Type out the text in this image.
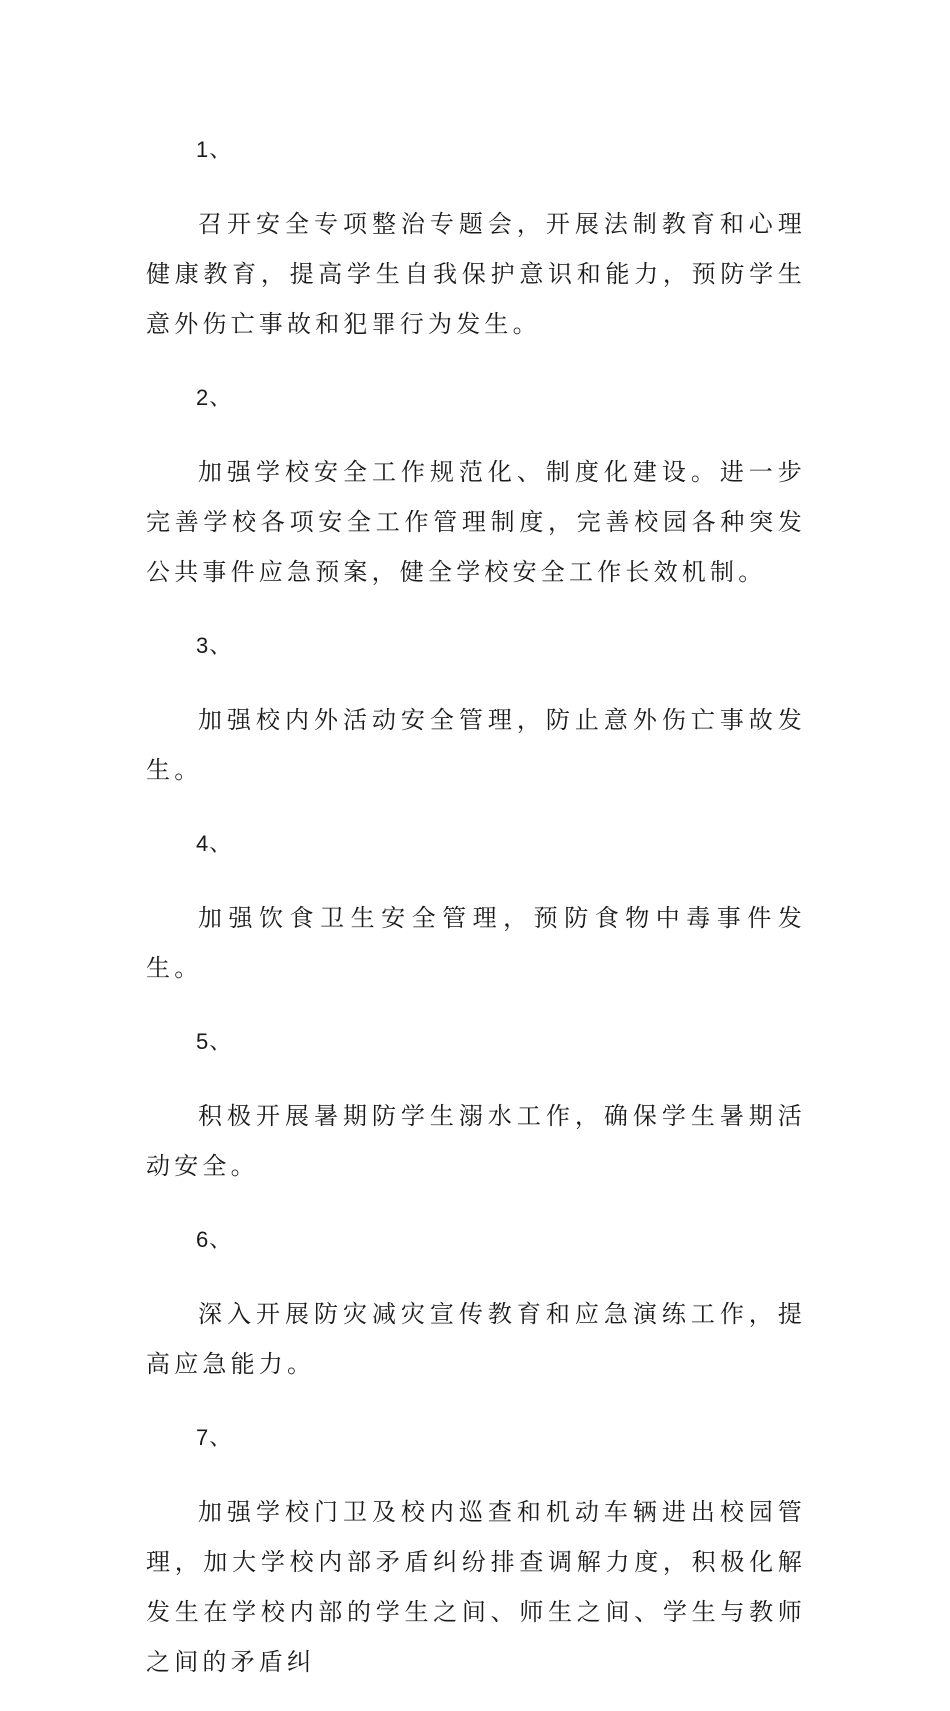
1、

召开安全专项整治专题会，开展法制教育和心理健康教育，提高学生自我保护意识和能力，预防学生意外伤亡事故和犯罪行为发生。

2、

加强学校安全工作规范化、制度化建设。进一步完善学校各项安全工作管理制度，完善校园各种突发公共事件应急预案，健全学校安全工作长效机制。

3、

加强校内外活动安全管理，防止意外伤亡事故发生。

4、

加强饮食卫生安全管理，预防食物中毒事件发生。

5、

积极开展暑期防学生溺水工作，确保学生暑期活动安全。

6、

深入开展防灾减灾宣传教育和应急演练工作，提高应急能力。

7、

加强学校门卫及校内巡查和机动车辆进出校园管理，加大学校内部矛盾纠纷排查调解力度，积极化解发生在学校内部的学生之间、师生之间、学生与教师之间的矛盾纠
